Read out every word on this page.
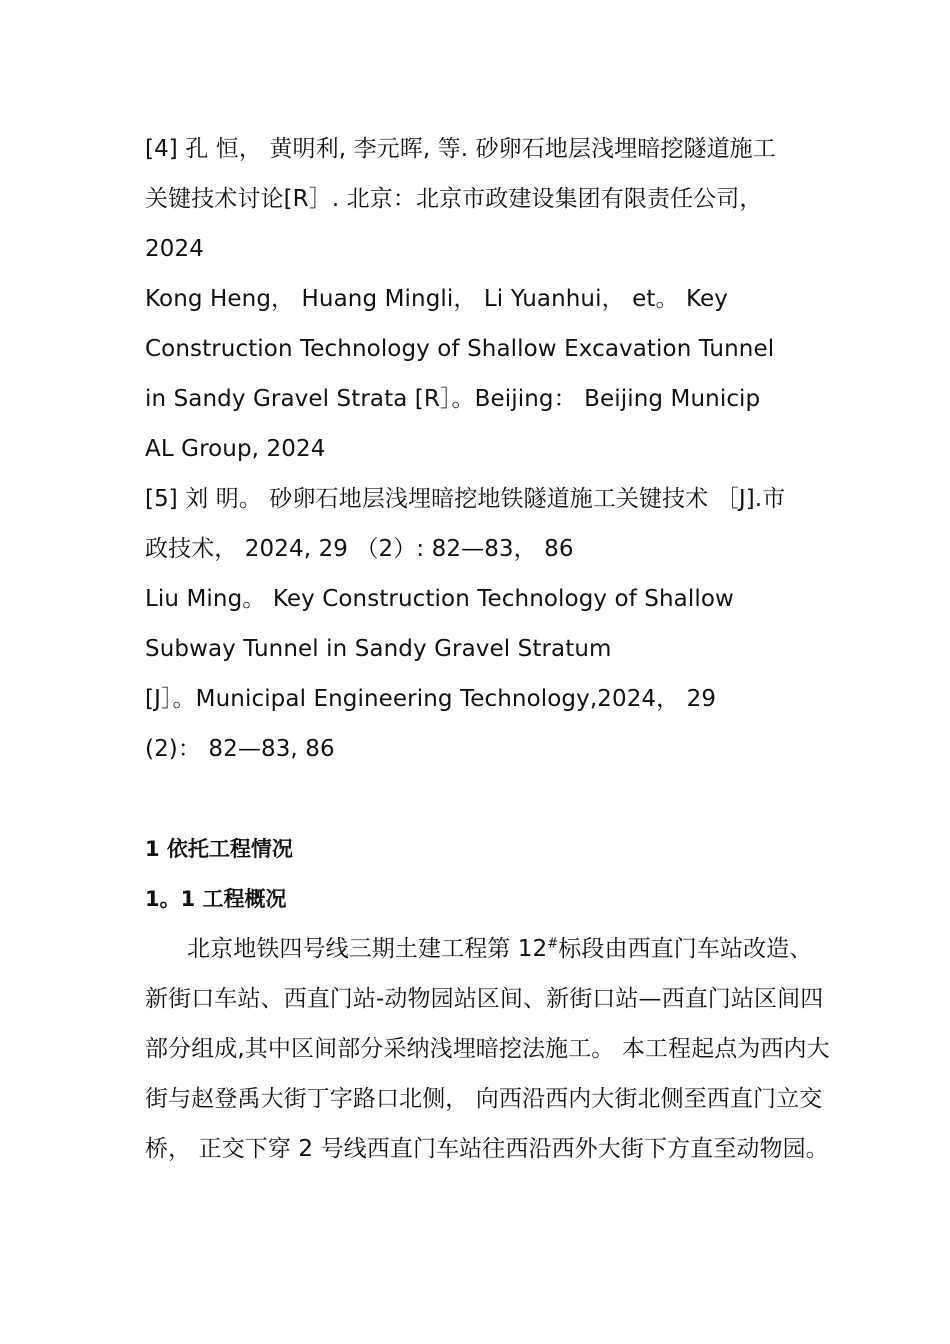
[4] 孔 恒， 黄明利, 李元晖, 等. 砂卵石地层浅埋暗挖隧道施工
关键技术讨论[R］. 北京：北京市政建设集团有限责任公司，
2024
Kong Heng， Huang Mingli， Li Yuanhui， et。 Key
Construction Technology of Shallow Excavation Tunnel
in Sandy Gravel Strata [R］。Beijing： Beijing Municip
AL Group, 2024
[5] 刘 明。 砂卵石地层浅埋暗挖地铁隧道施工关键技术 ［J].市
政技术， 2024, 29 （2）: 82—83， 86
Liu Ming。 Key Construction Technology of Shallow
Subway Tunnel in Sandy Gravel Stratum
[J］。Municipal Engineering Technology,2024， 29
(2)： 82—83, 86
1 依托工程情况
1。1 工程概况
北京地铁四号线三期土建工程第 12#标段由西直门车站改造、
新街口车站、西直门站-动物园站区间、新街口站—西直门站区间四
部分组成,其中区间部分采纳浅埋暗挖法施工。 本工程起点为西内大
街与赵登禹大街丁字路口北侧， 向西沿西内大街北侧至西直门立交
桥， 正交下穿 2 号线西直门车站往西沿西外大街下方直至动物园。
